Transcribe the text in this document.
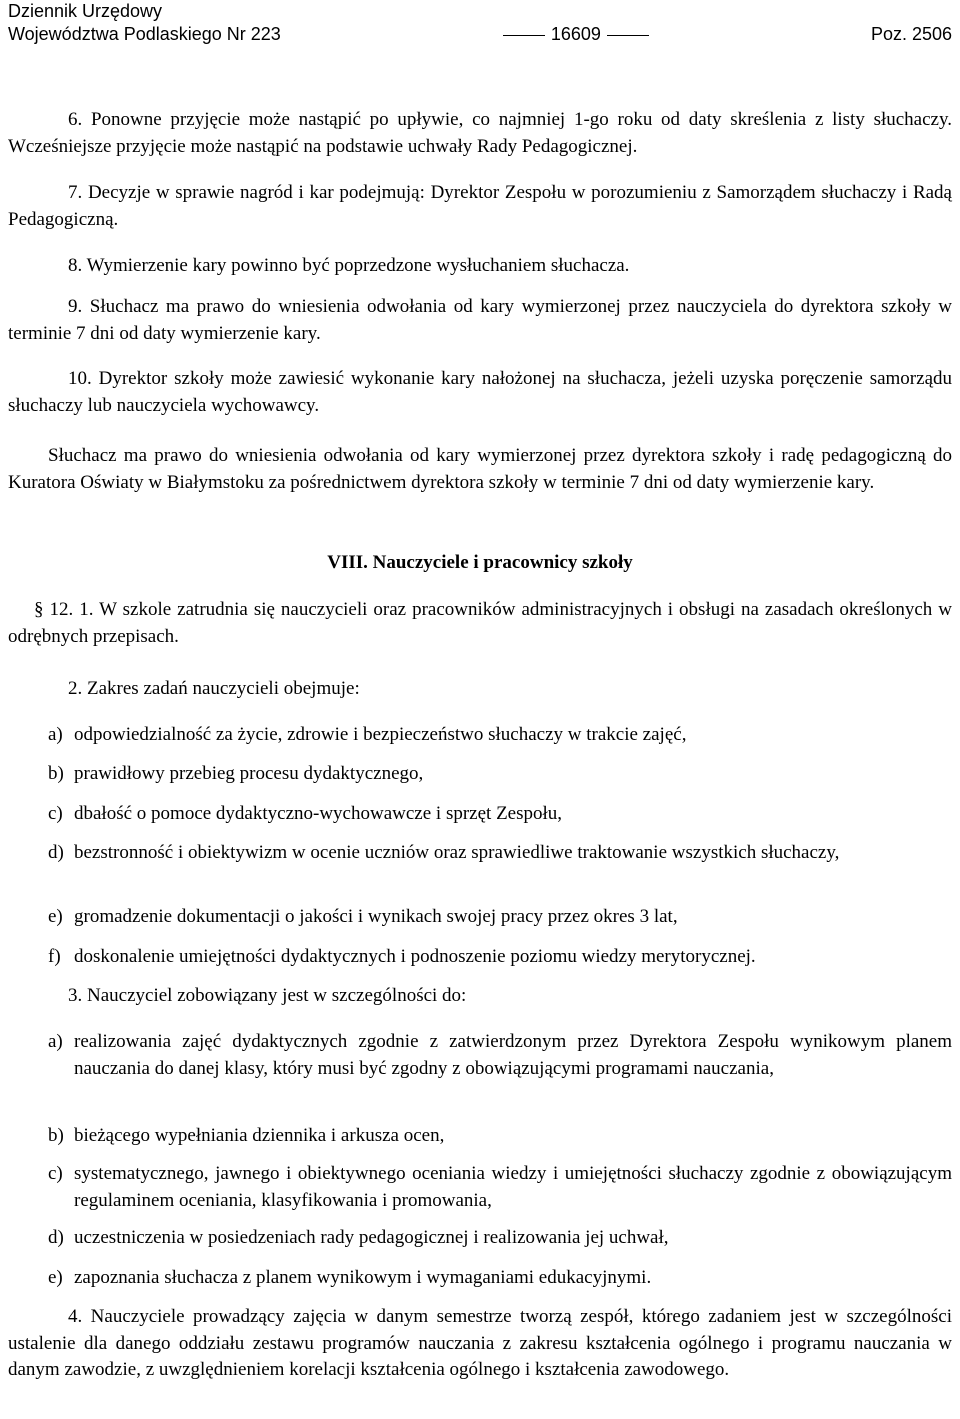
Dziennik Urzędowy
Województwa Podlaskiego Nr 223	16609	Poz. 2506

6. Ponowne przyjęcie może nastąpić po upływie, co najmniej 1-go roku od daty skreślenia z listy słuchaczy. Wcześniejsze przyjęcie może nastąpić na podstawie uchwały Rady Pedagogicznej.

7. Decyzje w sprawie nagród i kar podejmują: Dyrektor Zespołu w porozumieniu z Samorządem słuchaczy i Radą Pedagogiczną.

8. Wymierzenie kary powinno być poprzedzone wysłuchaniem słuchacza.

9. Słuchacz ma prawo do wniesienia odwołania od kary wymierzonej przez nauczyciela do dyrektora szkoły w terminie 7 dni od daty wymierzenie kary.

10. Dyrektor szkoły może zawiesić wykonanie kary nałożonej na słuchacza, jeżeli uzyska poręczenie samorządu słuchaczy lub nauczyciela wychowawcy.

Słuchacz ma prawo do wniesienia odwołania od kary wymierzonej przez dyrektora szkoły i radę pedagogiczną do Kuratora Oświaty w Białymstoku za pośrednictwem dyrektora szkoły w terminie 7 dni od daty wymierzenie kary.

VIII. Nauczyciele i pracownicy szkoły

§ 12. 1. W szkole zatrudnia się nauczycieli oraz pracowników administracyjnych i obsługi na zasadach określonych w odrębnych przepisach.

2. Zakres zadań nauczycieli obejmuje:

a) odpowiedzialność za życie, zdrowie i bezpieczeństwo słuchaczy w trakcie zajęć,
b) prawidłowy przebieg procesu dydaktycznego,
c) dbałość o pomoce dydaktyczno-wychowawcze i sprzęt Zespołu,
d) bezstronność i obiektywizm w ocenie uczniów oraz sprawiedliwe traktowanie wszystkich słuchaczy,
e) gromadzenie dokumentacji o jakości i wynikach swojej pracy przez okres 3 lat,
f) doskonalenie umiejętności dydaktycznych i podnoszenie poziomu wiedzy merytorycznej.

3. Nauczyciel zobowiązany jest w szczególności do:

a) realizowania zajęć dydaktycznych zgodnie z zatwierdzonym przez Dyrektora Zespołu wynikowym planem nauczania do danej klasy, który musi być zgodny z obowiązującymi programami nauczania,
b) bieżącego wypełniania dziennika i arkusza ocen,
c) systematycznego, jawnego i obiektywnego oceniania wiedzy i umiejętności słuchaczy zgodnie z obowiązującym regulaminem oceniania, klasyfikowania i promowania,
d) uczestniczenia w posiedzeniach rady pedagogicznej i realizowania jej uchwał,
e) zapoznania słuchacza z planem wynikowym i wymaganiami edukacyjnymi.

4. Nauczyciele prowadzący zajęcia w danym semestrze tworzą zespół, którego zadaniem jest w szczególności ustalenie dla danego oddziału zestawu programów nauczania z zakresu kształcenia ogólnego i programu nauczania w danym zawodzie, z uwzględnieniem korelacji kształcenia ogólnego i kształcenia zawodowego.
